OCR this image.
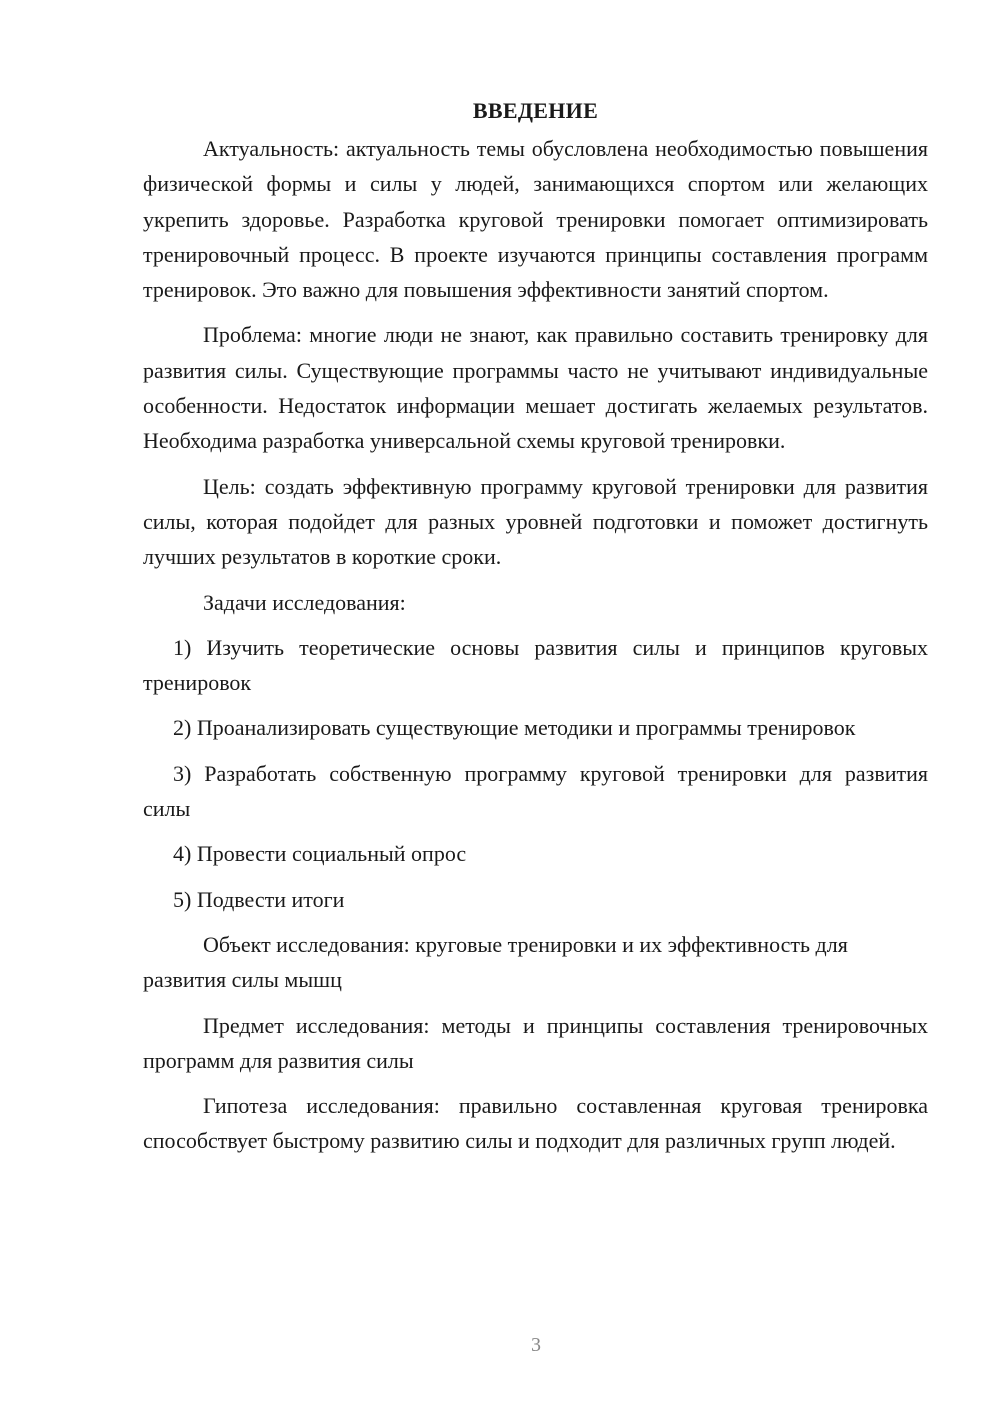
ВВЕДЕНИЕ

Актуальность: актуальность темы обусловлена необходимостью повышения физической формы и силы у людей, занимающихся спортом или желающих укрепить здоровье. Разработка круговой тренировки помогает оптимизировать тренировочный процесс. В проекте изучаются принципы составления программ тренировок. Это важно для повышения эффективности занятий спортом.

Проблема: многие люди не знают, как правильно составить тренировку для развития силы. Существующие программы часто не учитывают индивидуальные особенности. Недостаток информации мешает достигать желаемых результатов. Необходима разработка универсальной схемы круговой тренировки.

Цель: создать эффективную программу круговой тренировки для развития силы, которая подойдет для разных уровней подготовки и поможет достигнуть лучших результатов в короткие сроки.

Задачи исследования:

1) Изучить теоретические основы развития силы и принципов круговых тренировок

2) Проанализировать существующие методики и программы тренировок

3) Разработать собственную программу круговой тренировки для развития силы

4) Провести социальный опрос

5) Подвести итоги

Объект исследования: круговые тренировки и их эффективность для развития силы мышц

Предмет исследования: методы и принципы составления тренировочных программ для развития силы

Гипотеза исследования: правильно составленная круговая тренировка способствует быстрому развитию силы и подходит для различных групп людей.

3
